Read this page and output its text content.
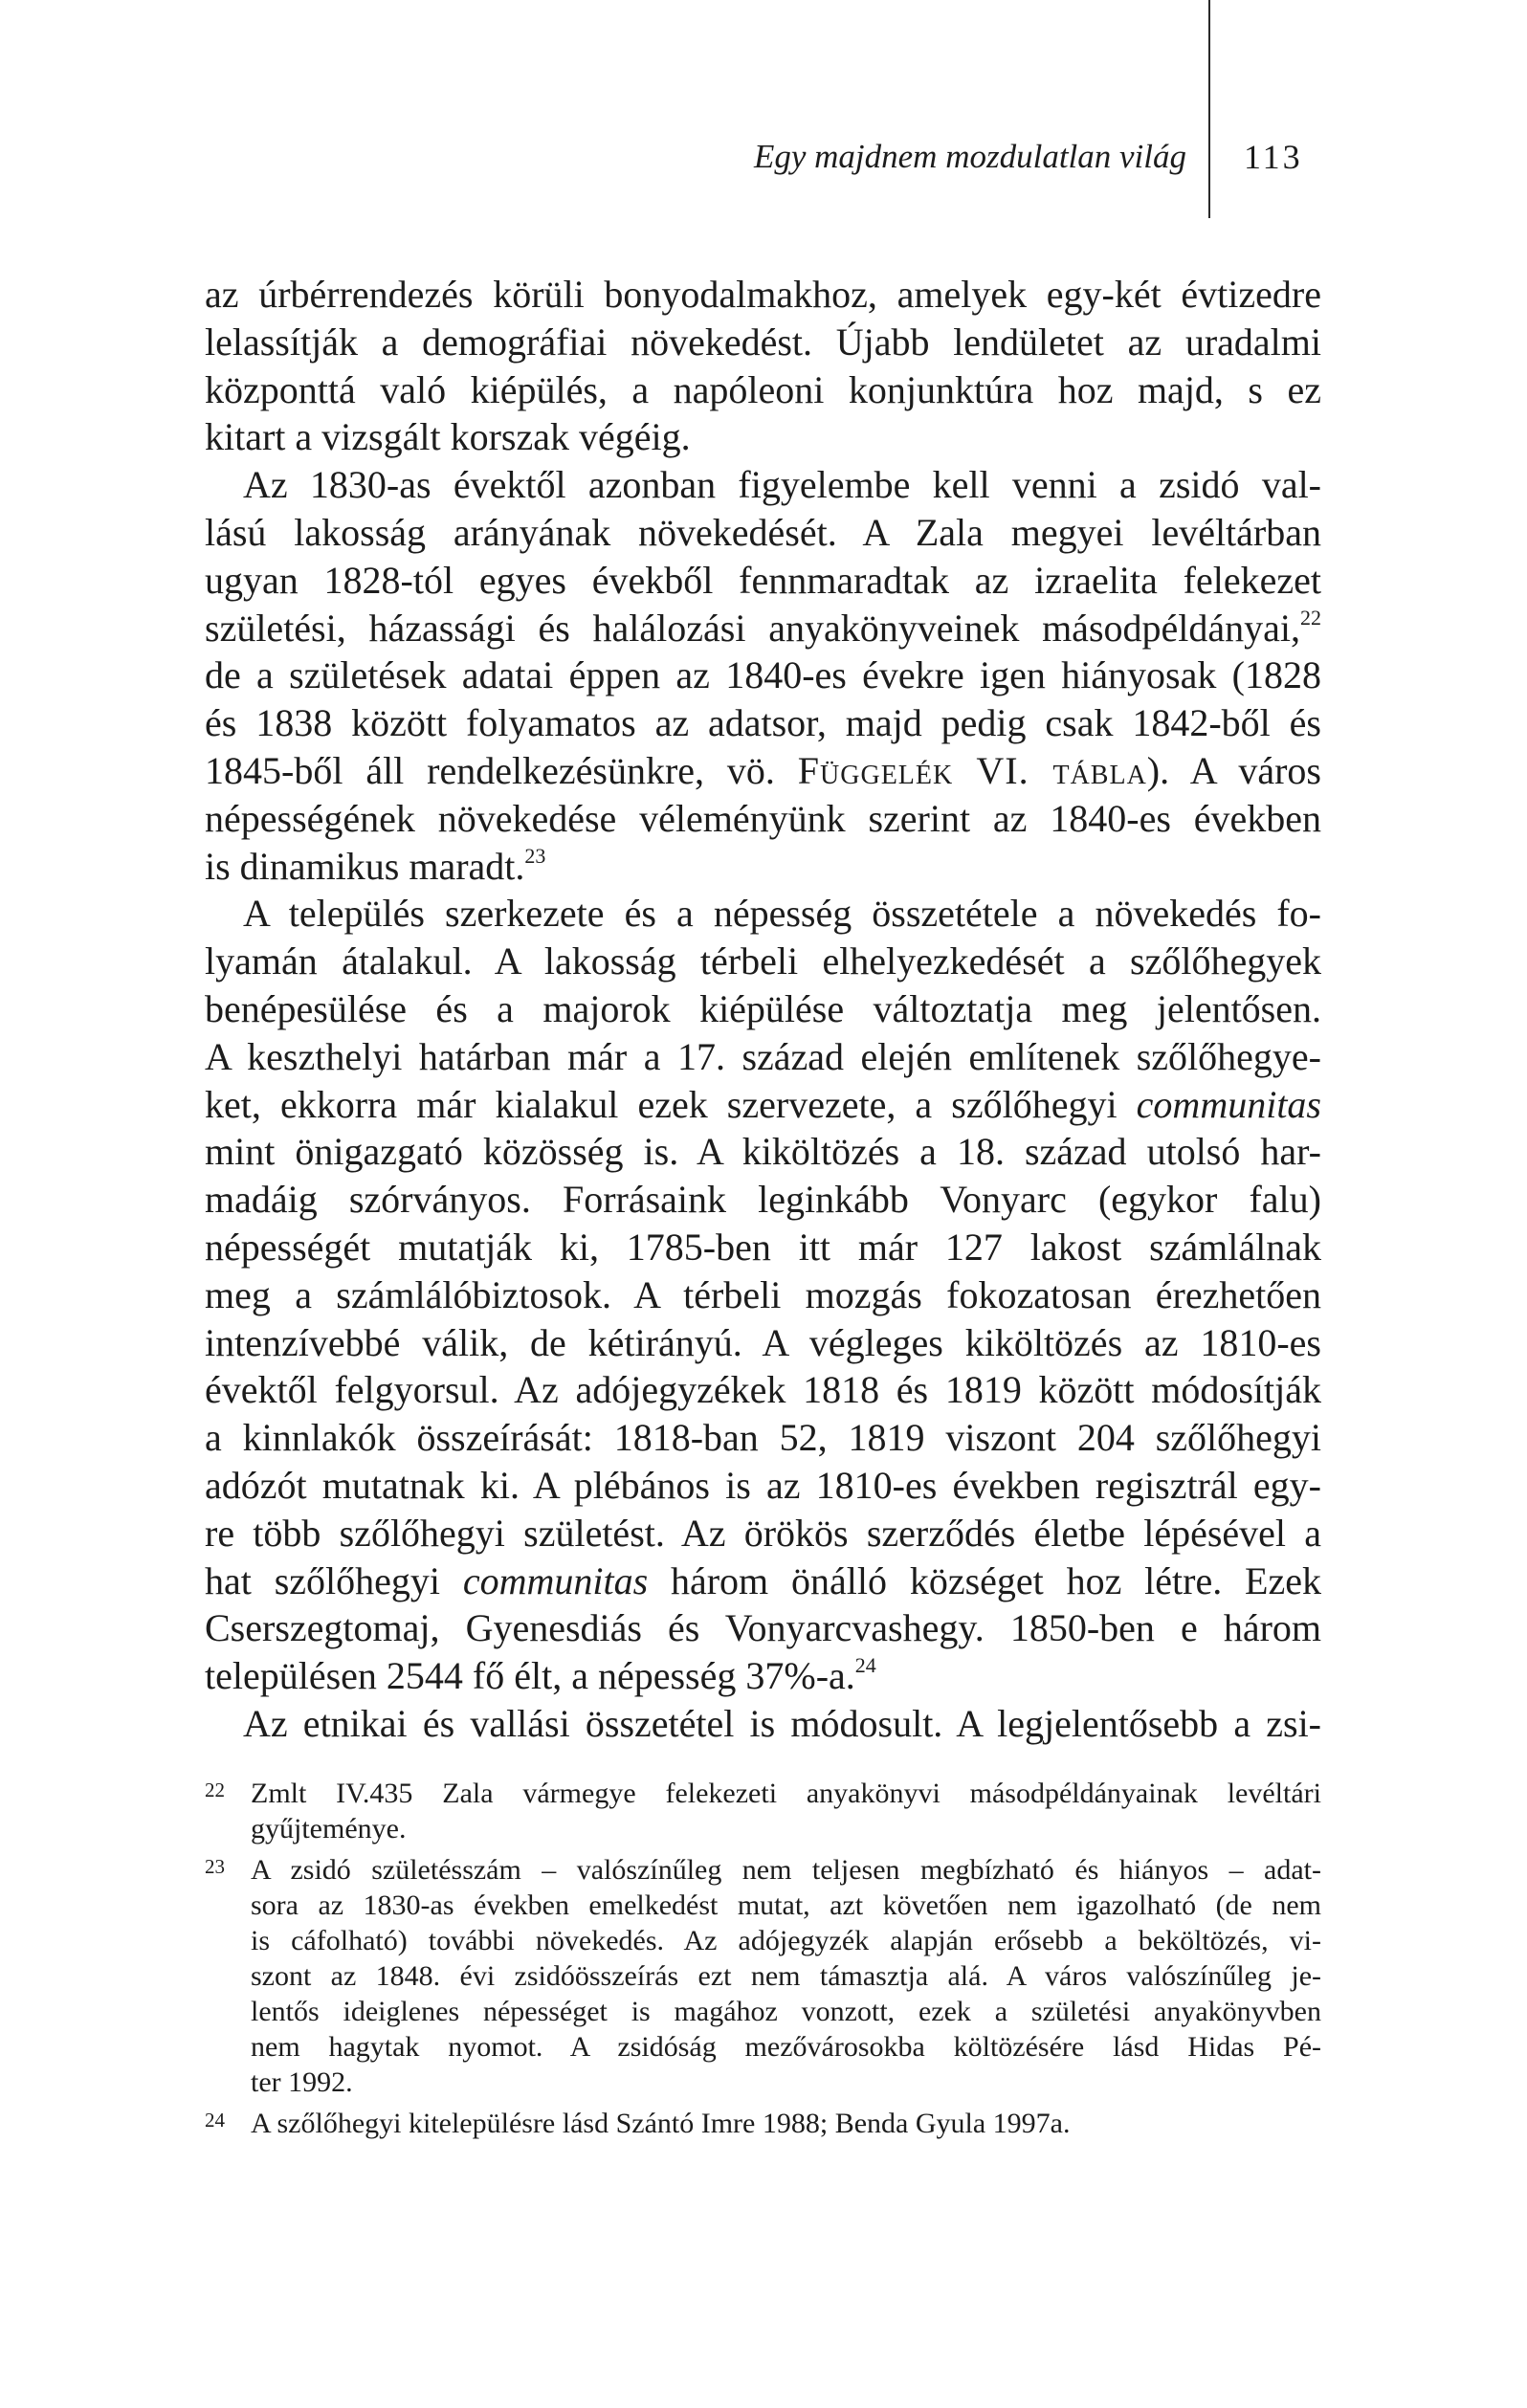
Egy majdnem mozdulatlan világ 113
az úrbérrendezés körüli bonyodalmakhoz, amelyek egy-két évtizedre
lelassítják a demográfiai növekedést. Újabb lendületet az uradalmi
központtá való kiépülés, a napóleoni konjunktúra hoz majd, s ez
kitart a vizsgált korszak végéig.
Az 1830-as évektől azonban figyelembe kell venni a zsidó val-
lású lakosság arányának növekedését. A Zala megyei levéltárban
ugyan 1828-tól egyes évekből fennmaradtak az izraelita felekezet
születési, házassági és halálozási anyakönyveinek másodpéldányai,$^{22}$
de a születések adatai éppen az 1840-es évekre igen hiányosak (1828
és 1838 között folyamatos az adatsor, majd pedig csak 1842-ből és
1845-ből áll rendelkezésünkre, vö. Függelék VI. tábla). A város
népességének növekedése véleményünk szerint az 1840-es években
is dinamikus maradt.$^{23}$
A település szerkezete és a népesség összetétele a növekedés fo-
lyamán átalakul. A lakosság térbeli elhelyezkedését a szőlőhegyek
benépesülése és a majorok kiépülése változtatja meg jelentősen.
A keszthelyi határban már a 17. század elején említenek szőlőhegye-
ket, ekkorra már kialakul ezek szervezete, a szőlőhegyi communitas
mint önigazgató közösség is. A kiköltözés a 18. század utolsó har-
madáig szórványos. Forrásaink leginkább Vonyarc (egykor falu)
népességét mutatják ki, 1785-ben itt már 127 lakost számlálnak
meg a számlálóbiztosok. A térbeli mozgás fokozatosan érezhetően
intenzívebbé válik, de kétirányú. A végleges kiköltözés az 1810-es
évektől felgyorsul. Az adójegyzékek 1818 és 1819 között módosítják
a kinnlakók összeírását: 1818-ban 52, 1819 viszont 204 szőlőhegyi
adózót mutatnak ki. A plébános is az 1810-es években regisztrál egy-
re több szőlőhegyi születést. Az örökös szerződés életbe lépésével a
hat szőlőhegyi communitas három önálló községet hoz létre. Ezek
Cserszegtomaj, Gyenesdiás és Vonyarcvashegy. 1850-ben e három
településen 2544 fő élt, a népesség 37%-a.$^{24}$
Az etnikai és vallási összetétel is módosult. A legjelentősebb a zsi-
22 Zmlt IV.435 Zala vármegye felekezeti anyakönyvi másodpéldányainak levéltári
gyűjteménye.
23 A zsidó születésszám – valószínűleg nem teljesen megbízható és hiányos – adat-
sora az 1830-as években emelkedést mutat, azt követően nem igazolható (de nem
is cáfolható) további növekedés. Az adójegyzék alapján erősebb a beköltözés, vi-
szont az 1848. évi zsidóösszeírás ezt nem támasztja alá. A város valószínűleg je-
lentős ideiglenes népességet is magához vonzott, ezek a születési anyakönyvben
nem hagytak nyomot. A zsidóság mezővárosokba költözésére lásd Hidas Pé-
ter 1992.
24 A szőlőhegyi kitelepülésre lásd Szántó Imre 1988; Benda Gyula 1997a.
